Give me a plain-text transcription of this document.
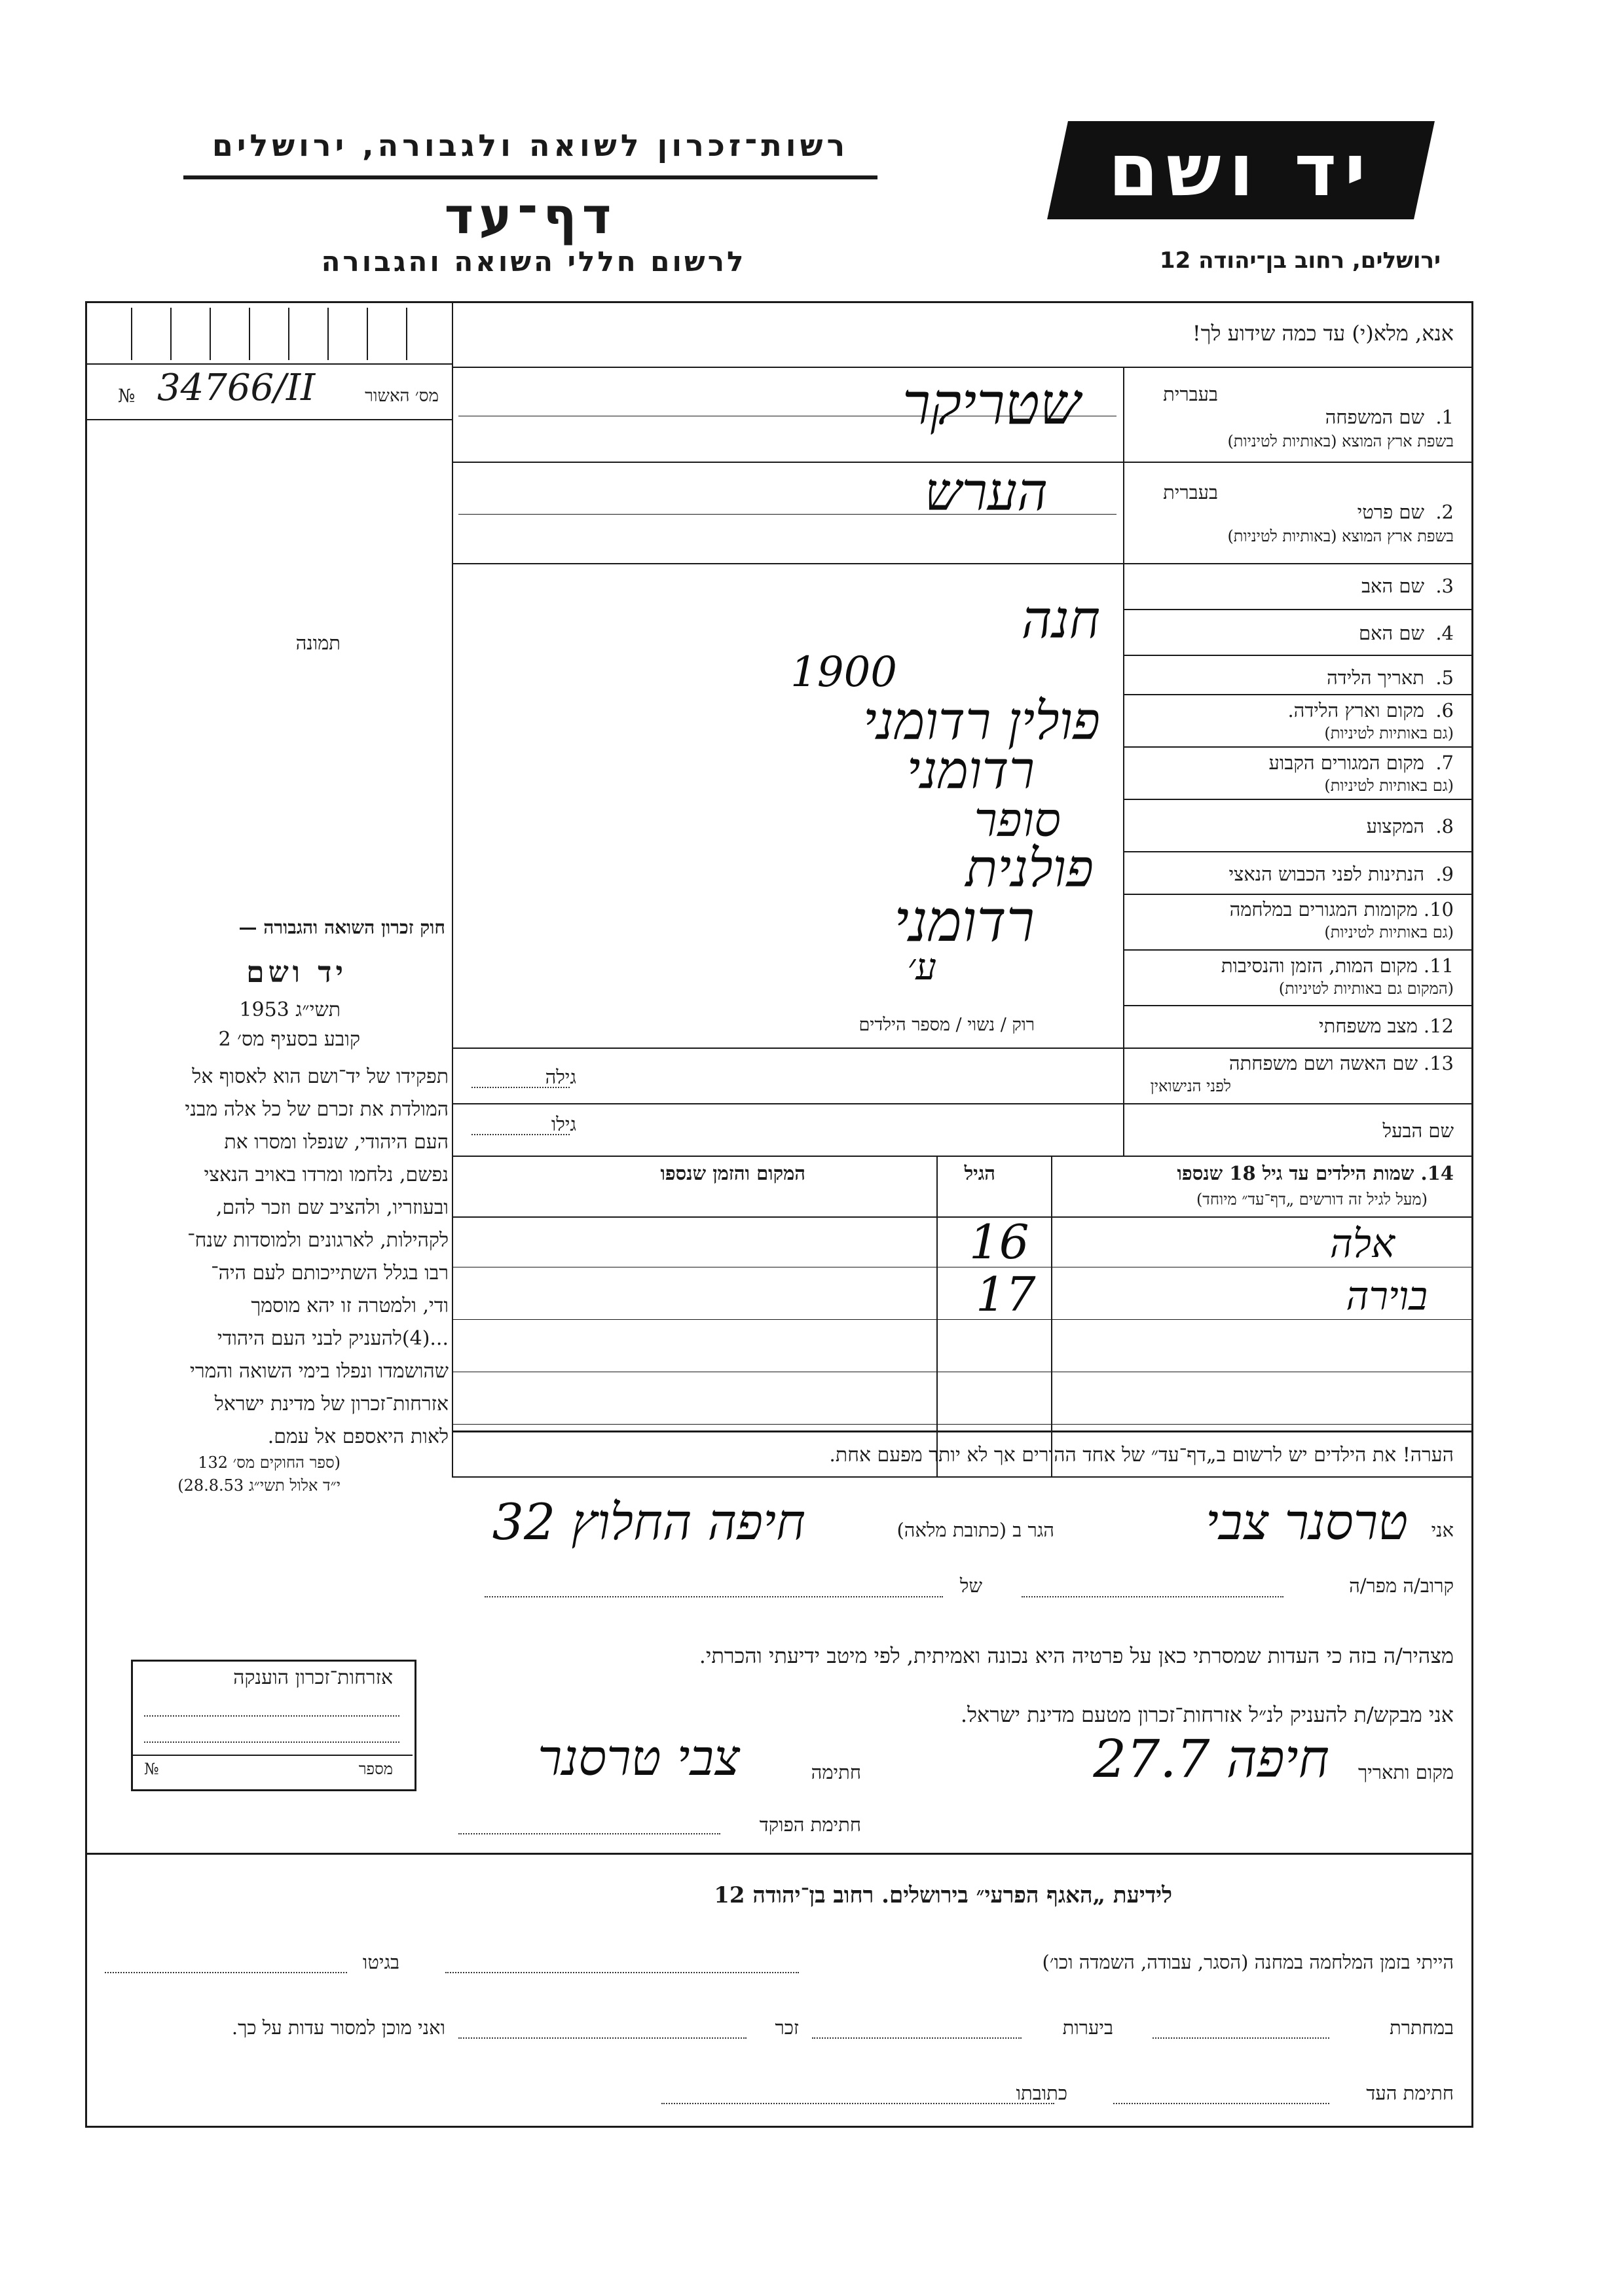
רשות־זכרון לשואה ולגבורה, ירושלים
דף־עד
לרשום חללי השואה והגבורה
יד ושם
ירושלים, רחוב בן־יהודה 12
אנא, מלא(י) עד כמה שידוע לך!
מס׳ האשור
№ 34766/II
תמונה
בעברית
בעברית
1.
שם המשפחה
בשפת ארץ המוצא (באותיות לטיניות)
2.
שם פרטי
בשפת ארץ המוצא (באותיות לטיניות)
3.
שם האב
4.
שם האם
5.
תאריך הלידה
6.
מקום וארץ הלידה.
(גם באותיות לטיניות)
7.
מקום המגורים הקבוע
(גם באותיות לטיניות)
8.
המקצוע
9.
הנתינות לפני הכבוש הנאצי
10.
מקומות המגורים במלחמה
(גם באותיות לטיניות)
11.
מקום המות, הזמן והנסיבות
(המקום גם באותיות לטיניות)
12.
מצב משפחתי
רוק / נשוי / מספר הילדים
13.
שם האשה ושם משפחתה
לפני הנישואין
גילה
שם הבעל
גילו
שטריקר
הערש
חנה
1900
פולין רדומני
רדומני
סופר
פולנית
רדומני
ע׳
14. שמות הילדים עד גיל 18 שנספו
(מעל לגיל זה דורשים „דף־עד״ מיוחד)
הגיל
המקום והזמן שנספו
אלה
16
בוירה
17
הערה! את הילדים יש לרשום ב„דף־עד״ של אחד ההורים אך לא יותר מפעם אחת.
אני
טרסנר צבי
הגר ב (כתובת מלאה)
חיפה החלוץ 32
קרוב/ה מפר/ה
של
מצהיר/ה בזה כי העדות שמסרתי כאן על פרטיה היא נכונה ואמיתית, לפי מיטב ידיעתי והכרתי.
אני מבקש/ת להעניק לנ״ל אזרחות־זכרון מטעם מדינת ישראל.
מקום ותאריך
חיפה 27.7
חתימה
צבי טרסנר
חתימת הפוקד
חוק זכרון השואה והגבורה —
יד ושם
תשי״ג 1953
קובע בסעיף מס׳ 2
תפקידו של יד־ושם הוא לאסוף אל
המולדת את זכרם של כל אלה מבני
העם היהודי, שנפלו ומסרו את
נפשם, נלחמו ומרדו באויב הנאצי
ובעוזריו, ולהציב שם וזכר להם,
לקהילות, לארגונים ולמוסדות שנח־
רבו בגלל השתייכותם לעם היה־
ודי, ולמטרה זו יהא מוסמך
...(4)להעניק לבני העם היהודי
שהושמדו ונפלו בימי השואה והמרי
אזרחות־זכרון של מדינת ישראל
לאות היאספם אל עמם.
(ספר החוקים מס׳ 132
י״ד אלול תשי״ג 28.8.53)
אזרחות־זכרון הוענקה
מספר
№
לידיעת „האגף הפרעי״ בירושלים. רחוב בן־יהודה 12
הייתי בזמן המלחמה במחנה (הסגר, עבודה, השמדה וכו׳)
בגיטו
במחתרת
ביערות
זכר
ואני מוכן למסור עדות על כך.
חתימת העד
כתובתו
